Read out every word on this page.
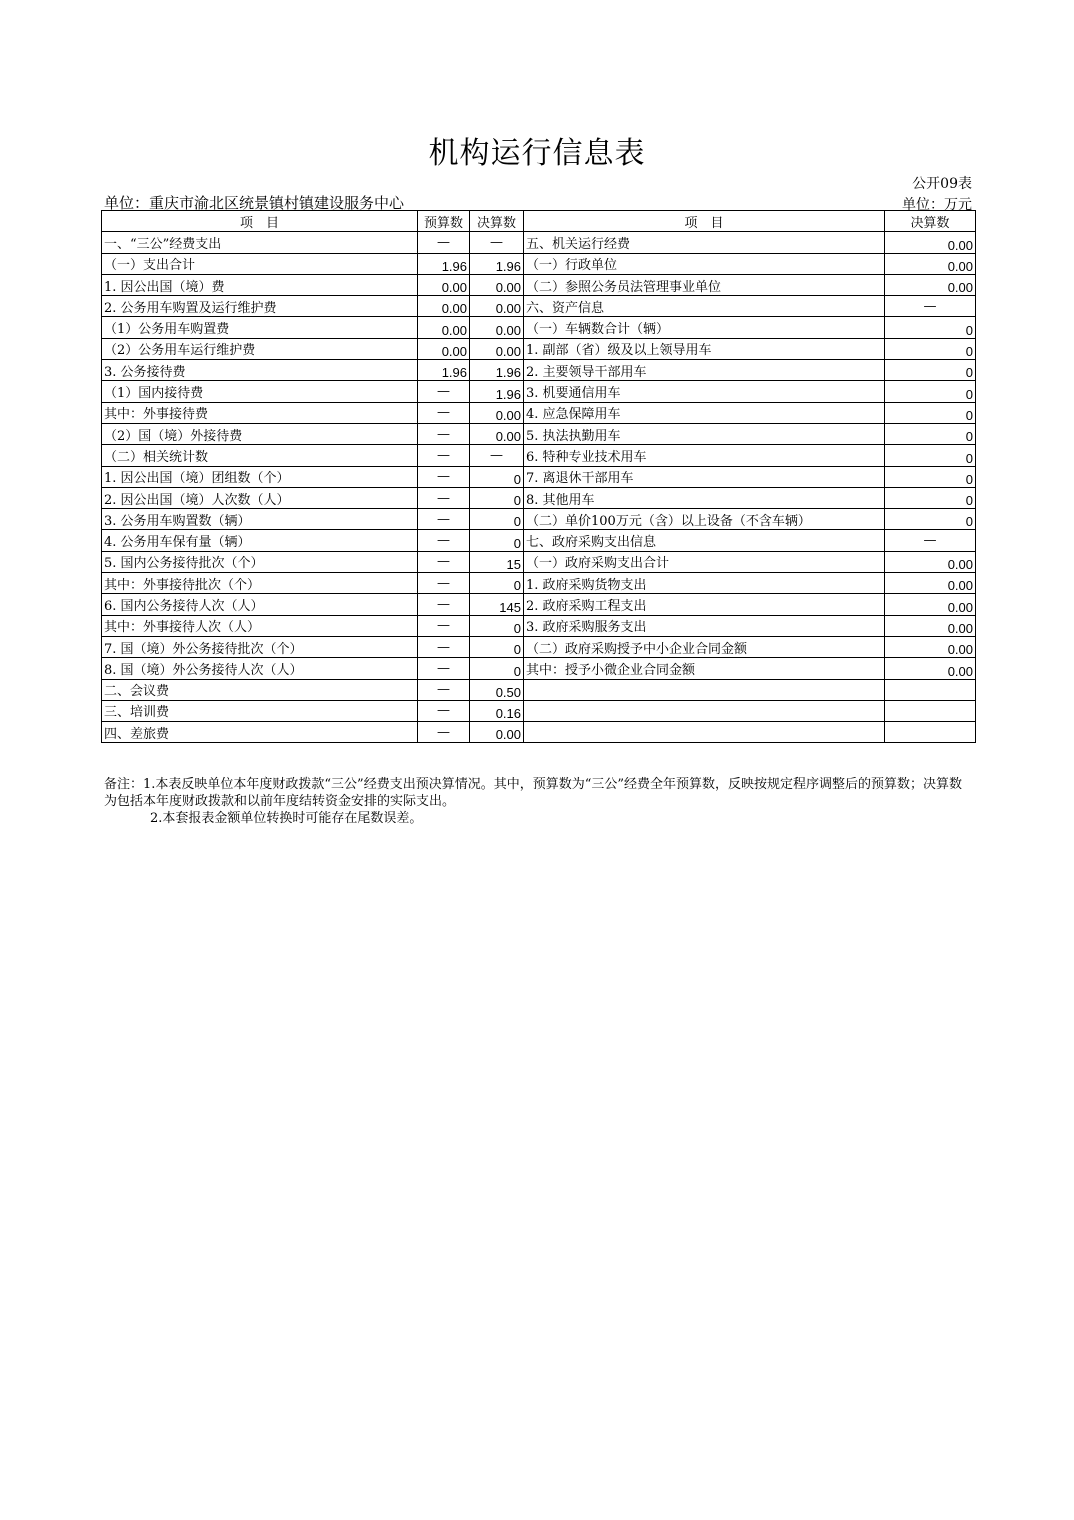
机构运行信息表
公开09表
单位：重庆市渝北区统景镇村镇建设服务中心	单位：万元
项　目	预算数	决算数	项　目	决算数
一、“三公”经费支出	—	—	五、机关运行经费	0.00
（一）支出合计	1.96	1.96	（一）行政单位	0.00
1. 因公出国（境）费	0.00	0.00	（二）参照公务员法管理事业单位	0.00
2. 公务用车购置及运行维护费	0.00	0.00	六、资产信息	—
（1）公务用车购置费	0.00	0.00	（一）车辆数合计（辆）	0
（2）公务用车运行维护费	0.00	0.00	1. 副部（省）级及以上领导用车	0
3. 公务接待费	1.96	1.96	2. 主要领导干部用车	0
（1）国内接待费	—	1.96	3. 机要通信用车	0
其中：外事接待费	—	0.00	4. 应急保障用车	0
（2）国（境）外接待费	—	0.00	5. 执法执勤用车	0
（二）相关统计数	—	—	6. 特种专业技术用车	0
1. 因公出国（境）团组数（个）	—	0	7. 离退休干部用车	0
2. 因公出国（境）人次数（人）	—	0	8. 其他用车	0
3. 公务用车购置数（辆）	—	0	（二）单价100万元（含）以上设备（不含车辆）	0
4. 公务用车保有量（辆）	—	0	七、政府采购支出信息	—
5. 国内公务接待批次（个）	—	15	（一）政府采购支出合计	0.00
其中：外事接待批次（个）	—	0	1. 政府采购货物支出	0.00
6. 国内公务接待人次（人）	—	145	2. 政府采购工程支出	0.00
其中：外事接待人次（人）	—	0	3. 政府采购服务支出	0.00
7. 国（境）外公务接待批次（个）	—	0	（二）政府采购授予中小企业合同金额	0.00
8. 国（境）外公务接待人次（人）	—	0	其中：授予小微企业合同金额	0.00
二、会议费	—	0.50		
三、培训费	—	0.16		
四、差旅费	—	0.00		

备注：1.本表反映单位本年度财政拨款“三公”经费支出预决算情况。其中，预算数为“三公”经费全年预算数，反映按规定程序调整后的预算数；决算数为包括本年度财政拨款和以前年度结转资金安排的实际支出。

2.本套报表金额单位转换时可能存在尾数误差。
